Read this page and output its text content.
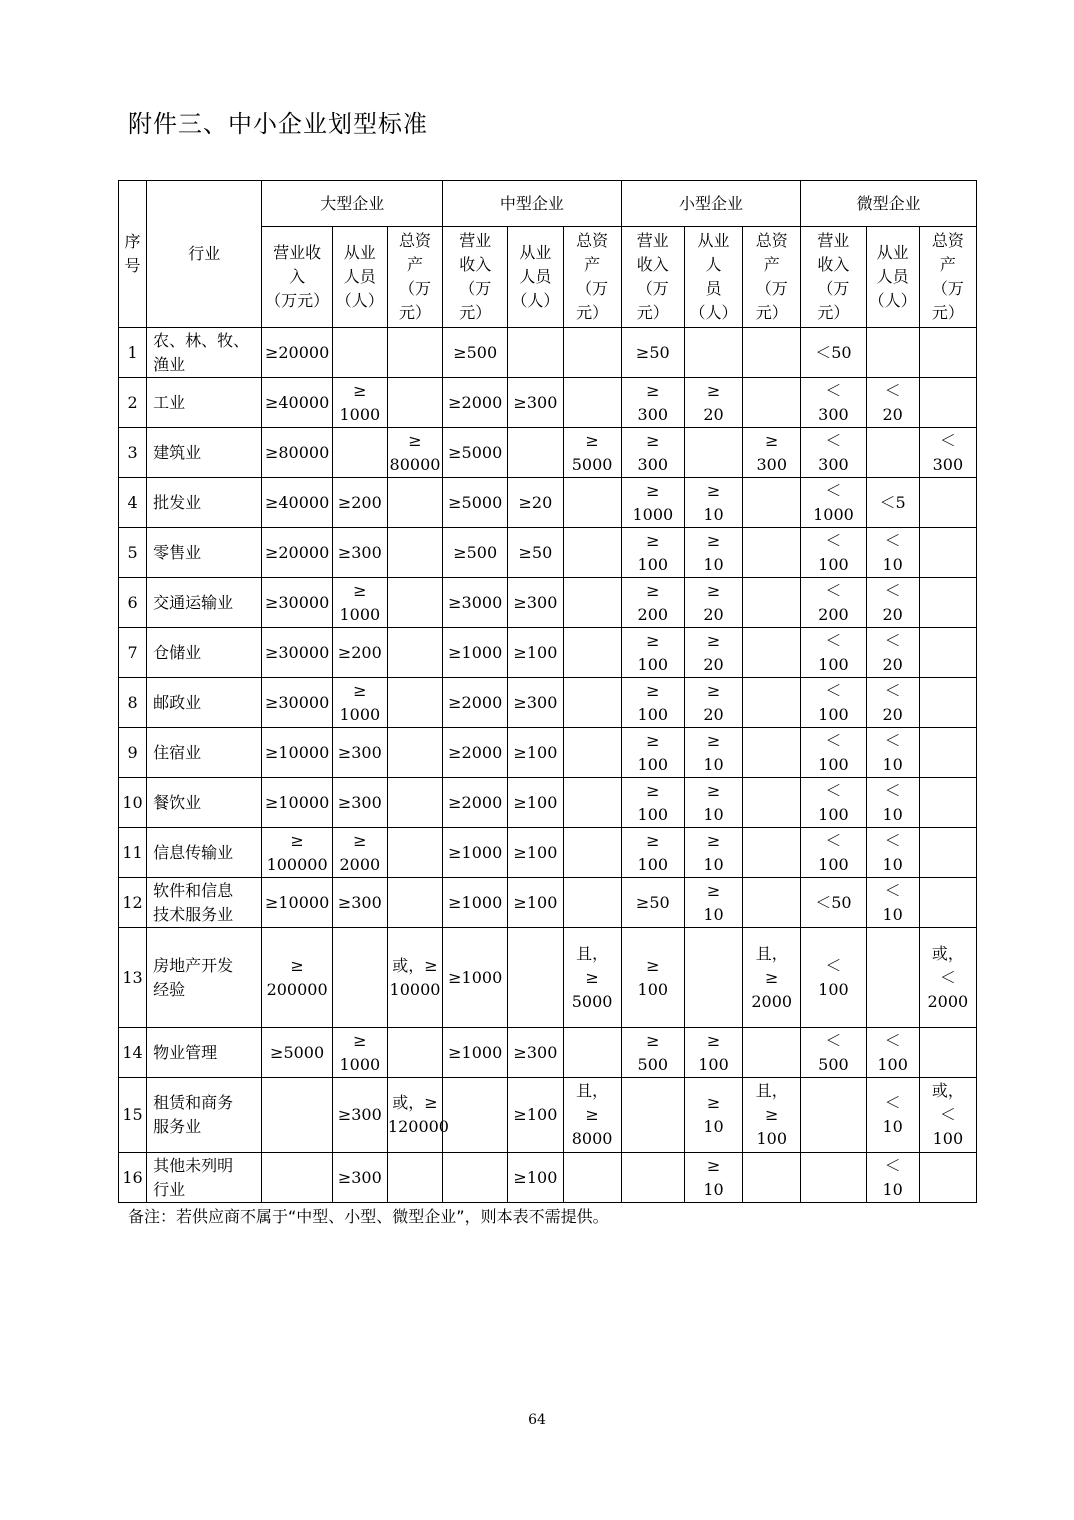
附件三、中小企业划型标准
序
号	行业	大型企业			中型企业			小型企业			微型企业		
		营业收
入
（万元）	从业
人员
（人）	总资
产
（万
元）	营业
收入
（万
元）	从业
人员
（人）	总资
产
（万
元）	营业
收入
（万
元）	从业
人
员
（人）	总资
产
（万
元）	营业
收入
（万
元）	从业
人员
（人）	总资
产
（万
元）
1	农、林、牧、
渔业	≥20000			≥500			≥50			＜50		
2	工业	≥40000	≥
1000		≥2000	≥300		≥
300	≥
20		＜
300	＜
20	
3	建筑业	≥80000		≥
80000	≥5000		≥
5000	≥
300		≥
300	＜
300		＜
300
4	批发业	≥40000	≥200		≥5000	≥20		≥
1000	≥
10		＜
1000	＜5	
5	零售业	≥20000	≥300		≥500	≥50		≥
100	≥
10		＜
100	＜
10	
6	交通运输业	≥30000	≥
1000		≥3000	≥300		≥
200	≥
20		＜
200	＜
20	
7	仓储业	≥30000	≥200		≥1000	≥100		≥
100	≥
20		＜
100	＜
20	
8	邮政业	≥30000	≥
1000		≥2000	≥300		≥
100	≥
20		＜
100	＜
20	
9	住宿业	≥10000	≥300		≥2000	≥100		≥
100	≥
10		＜
100	＜
10	
10	餐饮业	≥10000	≥300		≥2000	≥100		≥
100	≥
10		＜
100	＜
10	
11	信息传输业	≥
100000	≥
2000		≥1000	≥100		≥
100	≥
10		＜
100	＜
10	
12	软件和信息
技术服务业	≥10000	≥300		≥1000	≥100		≥50	≥
10		＜50	＜
10	
13	房地产开发
经验	≥
200000		或，≥
10000	≥1000		且，
≥
5000	≥
100		且，
≥
2000	＜
100		或，
＜
2000
14	物业管理	≥5000	≥
1000		≥1000	≥300		≥
500	≥
100		＜
500	＜
100	
15	租赁和商务
服务业		≥300	或，≥
120000		≥100	且，
≥
8000		≥
10	且，
≥
100		＜
10	或，
＜
100
16	其他未列明
行业		≥300			≥100			≥
10			＜
10	
备注：若供应商不属于“中型、小型、微型企业”，则本表不需提供。
64
